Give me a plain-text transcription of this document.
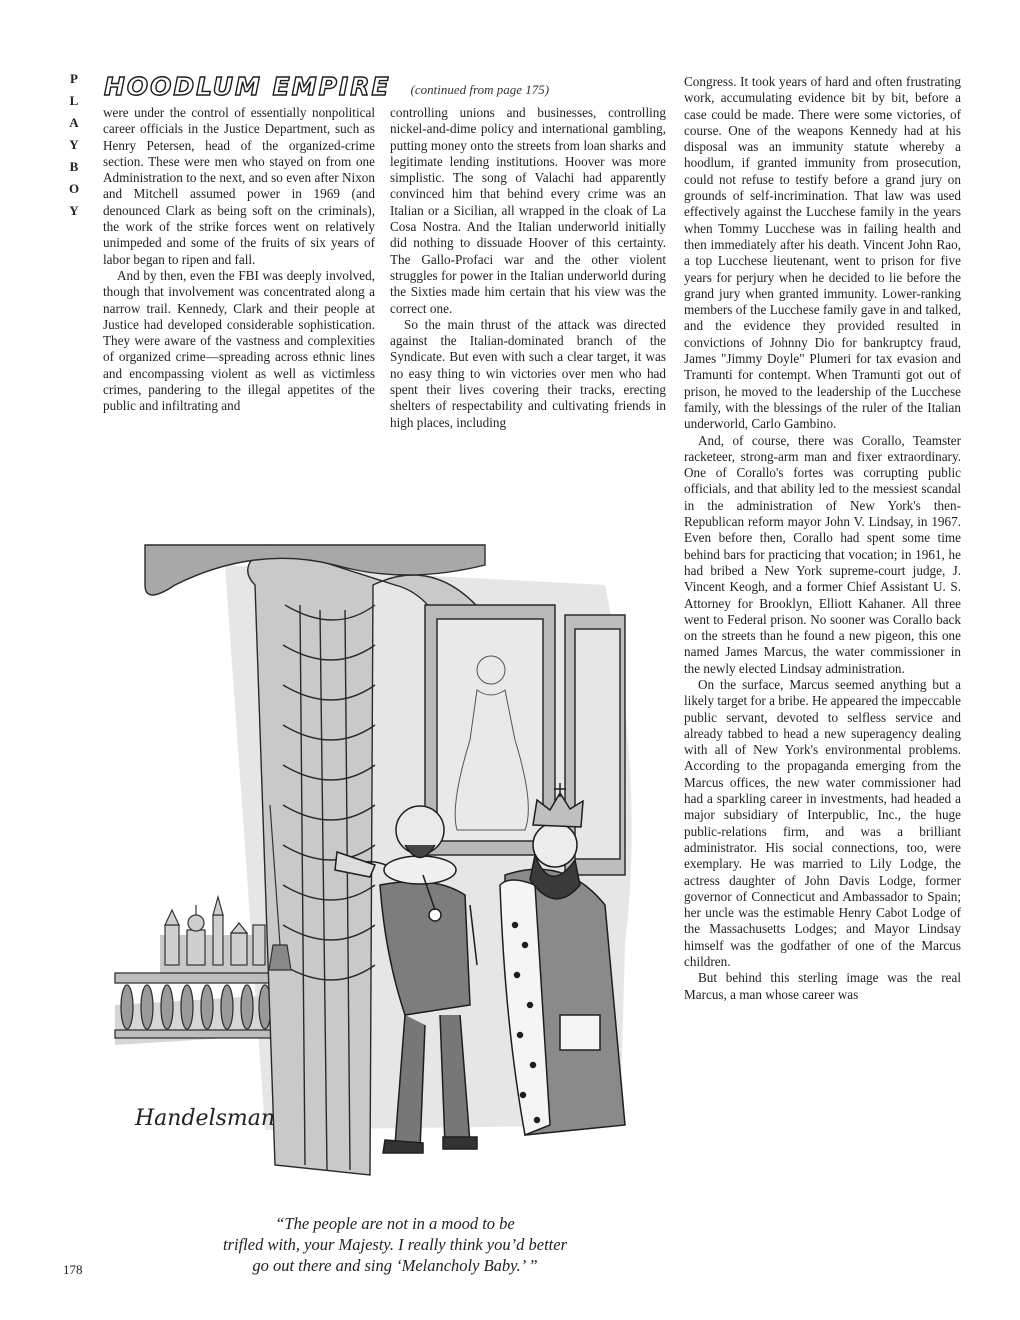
P
L
A
Y
B
O
Y
HOODLUM EMPIRE (continued from page 175)

were under the control of essentially nonpolitical career officials in the Justice Department, such as Henry Petersen, head of the organized-crime section. These were men who stayed on from one Administration to the next, and so even after Nixon and Mitchell assumed power in 1969 (and denounced Clark as being soft on the criminals), the work of the strike forces went on relatively unimpeded and some of the fruits of six years of labor began to ripen and fall.

And by then, even the FBI was deeply involved, though that involvement was concentrated along a narrow trail. Kennedy, Clark and their people at Justice had developed considerable sophistication. They were aware of the vastness and complexities of organized crime—spreading across ethnic lines and encompassing violent as well as victimless crimes, pandering to the illegal appetites of the public and infiltrating and

controlling unions and businesses, controlling nickel-and-dime policy and international gambling, putting money onto the streets from loan sharks and legitimate lending institutions. Hoover was more simplistic. The song of Valachi had apparently convinced him that behind every crime was an Italian or a Sicilian, all wrapped in the cloak of La Cosa Nostra. And the Italian underworld initially did nothing to dissuade Hoover of this certainty. The Gallo-Profaci war and the other violent struggles for power in the Italian underworld during the Sixties made him certain that his view was the correct one.

So the main thrust of the attack was directed against the Italian-dominated branch of the Syndicate. But even with such a clear target, it was no easy thing to win victories over men who had spent their lives covering their tracks, erecting shelters of respectability and cultivating friends in high places, including

Congress. It took years of hard and often frustrating work, accumulating evidence bit by bit, before a case could be made. There were some victories, of course. One of the weapons Kennedy had at his disposal was an immunity statute whereby a hoodlum, if granted immunity from prosecution, could not refuse to testify before a grand jury on grounds of self-incrimination. That law was used effectively against the Lucchese family in the years when Tommy Lucchese was in failing health and then immediately after his death. Vincent John Rao, a top Lucchese lieutenant, went to prison for five years for perjury when he decided to lie before the grand jury when granted immunity. Lower-ranking members of the Lucchese family gave in and talked, and the evidence they provided resulted in convictions of Johnny Dio for bankruptcy fraud, James "Jimmy Doyle" Plumeri for tax evasion and Tramunti for contempt. When Tramunti got out of prison, he moved to the leadership of the Lucchese family, with the blessings of the ruler of the Italian underworld, Carlo Gambino.

And, of course, there was Corallo, Teamster racketeer, strong-arm man and fixer extraordinary. One of Corallo's fortes was corrupting public officials, and that ability led to the messiest scandal in the administration of New York's then-Republican reform mayor John V. Lindsay, in 1967. Even before then, Corallo had spent some time behind bars for practicing that vocation; in 1961, he had bribed a New York supreme-court judge, J. Vincent Keogh, and a former Chief Assistant U. S. Attorney for Brooklyn, Elliott Kahaner. All three went to Federal prison. No sooner was Corallo back on the streets than he found a new pigeon, this one named James Marcus, the water commissioner in the newly elected Lindsay administration.

On the surface, Marcus seemed anything but a likely target for a bribe. He appeared the impeccable public servant, devoted to selfless service and already tabbed to head a new superagency dealing with all of New York's environmental problems. According to the propaganda emerging from the Marcus offices, the new water commissioner had had a sparkling career in investments, had headed a major subsidiary of Interpublic, Inc., the huge public-relations firm, and was a brilliant administrator. His social connections, too, were exemplary. He was married to Lily Lodge, the actress daughter of John Davis Lodge, former governor of Connecticut and Ambassador to Spain; her uncle was the estimable Henry Cabot Lodge of the Massachusetts Lodges; and Mayor Lindsay himself was the godfather of one of the Marcus children.

But behind this sterling image was the real Marcus, a man whose career was

Handelsman
“The people are not in a mood to be
trifled with, your Majesty. I really think you’d better
go out there and sing ‘Melancholy Baby.’ ”
178
